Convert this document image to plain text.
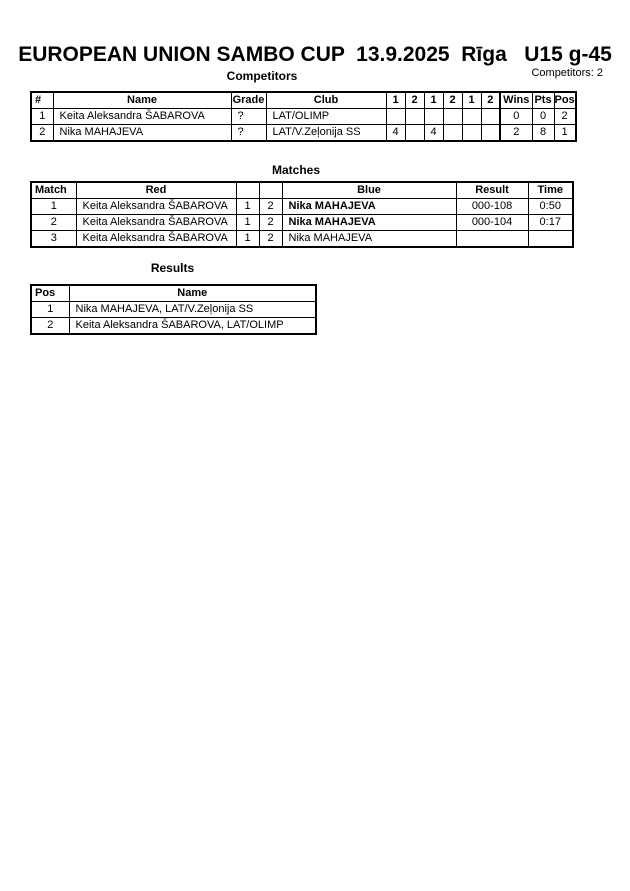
EUROPEAN UNION SAMBO CUP  13.9.2025  Rīga   U15 g-45
Competitors	Competitors: 2
#	Name	Grade	Club	1	2	1	2	1	2	Wins	Pts	Pos
1	Keita Aleksandra ŠABAROVA	?	LAT/OLIMP							0	0	2
2	Nika MAHAJEVA	?	LAT/V.Zeļonija SS	4		4				2	8	1
Matches
Match	Red			Blue	Result	Time
1	Keita Aleksandra ŠABAROVA	1	2	Nika MAHAJEVA	000-108	0:50
2	Keita Aleksandra ŠABAROVA	1	2	Nika MAHAJEVA	000-104	0:17
3	Keita Aleksandra ŠABAROVA	1	2	Nika MAHAJEVA		
Results
Pos	Name
1	Nika MAHAJEVA, LAT/V.Zeļonija SS
2	Keita Aleksandra ŠABAROVA, LAT/OLIMP
